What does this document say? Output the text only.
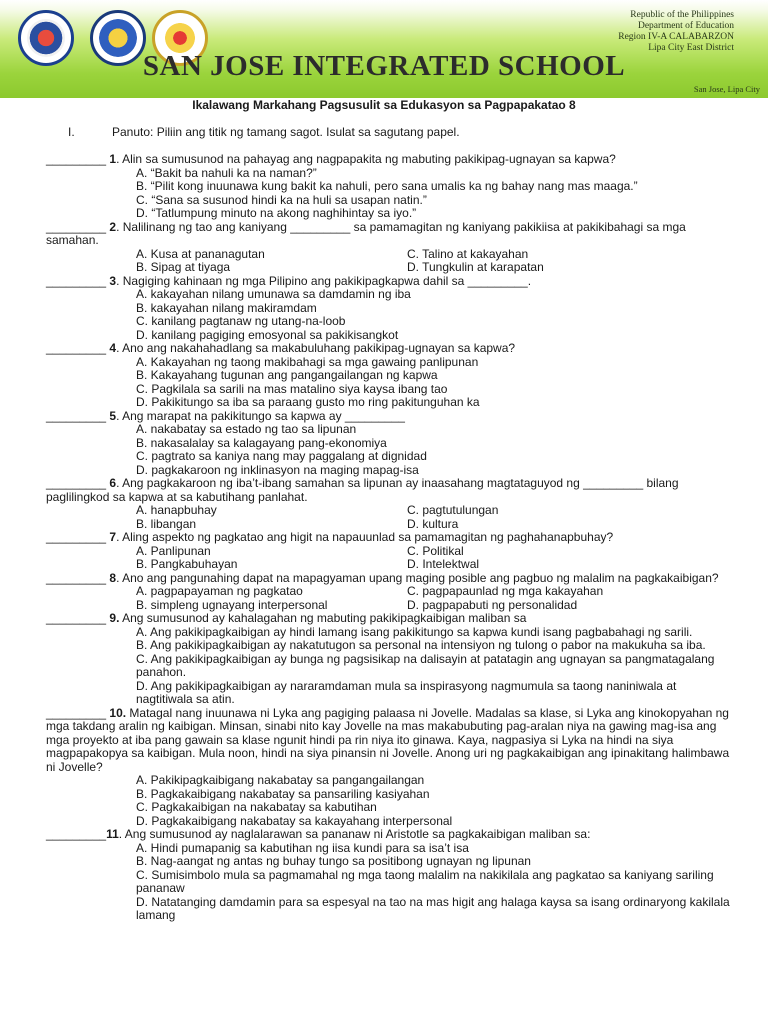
Republic of the Philippines
Department of Education
Region IV-A CALABARZON
Lipa City East District
SAN JOSE INTEGRATED SCHOOL
San Jose, Lipa City
Ikalawang Markahang Pagsusulit sa Edukasyon sa Pagpapakatao 8
I.	Panuto: Piliin ang titik ng tamang sagot. Isulat sa sagutang papel.
_________ 1. Alin sa sumusunod na pahayag ang nagpapakita ng mabuting pakikipag-ugnayan sa kapwa?
A. “Bakit ba nahuli ka na naman?”
B. “Pilit kong inuunawa kung bakit ka nahuli, pero sana umalis ka ng bahay nang mas maaga.”
C. “Sana sa susunod hindi ka na huli sa usapan natin.”
D. “Tatlumpung minuto na akong naghihintay sa iyo.”
_________ 2. Nalilinang ng tao ang kaniyang _________ sa pamamagitan ng kaniyang pakikiisa at pakikibahagi sa mga samahan.
A. Kusa at pananagutan	C. Talino at kakayahan
B. Sipag at tiyaga	D. Tungkulin at karapatan
_________ 3. Nagiging kahinaan ng mga Pilipino ang pakikipagkapwa dahil sa _________.
A. kakayahan nilang umunawa sa damdamin ng iba
B. kakayahan nilang makiramdam
C. kanilang pagtanaw ng utang-na-loob
D. kanilang pagiging emosyonal sa pakikisangkot
_________ 4. Ano ang nakahahadlang sa makabuluhang pakikipag-ugnayan sa kapwa?
A. Kakayahan ng taong makibahagi sa mga gawaing panlipunan
B. Kakayahang tugunan ang pangangailangan ng kapwa
C. Pagkilala sa sarili na mas matalino siya kaysa ibang tao
D. Pakikitungo sa iba sa paraang gusto mo ring pakitunguhan ka
_________ 5. Ang marapat na pakikitungo sa kapwa ay _________
A. nakabatay sa estado ng tao sa lipunan
B. nakasalalay sa kalagayang pang-ekonomiya
C. pagtrato sa kaniya nang may paggalang at dignidad
D. pagkakaroon ng inklinasyon na maging mapag-isa
_________ 6. Ang pagkakaroon ng iba’t-ibang samahan sa lipunan ay inaasahang magtataguyod ng _________ bilang paglilingkod sa kapwa at sa kabutihang panlahat.
A. hanapbuhay	C. pagtutulungan
B. libangan	D. kultura
_________ 7. Aling aspekto ng pagkatao ang higit na napauunlad sa pamamagitan ng paghahanapbuhay?
A. Panlipunan	C. Politikal
B. Pangkabuhayan	D. Intelektwal
_________ 8. Ano ang pangunahing dapat na mapagyaman upang maging posible ang pagbuo ng malalim na pagkakaibigan?
A. pagpapayaman ng pagkatao	C. pagpapaunlad ng mga kakayahan
B. simpleng ugnayang interpersonal	D. pagpapabuti ng personalidad
_________ 9. Ang sumusunod ay kahalagahan ng mabuting pakikipagkaibigan maliban sa
A. Ang pakikipagkaibigan ay hindi lamang isang pakikitungo sa kapwa kundi isang pagbabahagi ng sarili.
B. Ang pakikipagkaibigan ay nakatutugon sa personal na intensiyon ng tulong o pabor na makukuha sa iba.
C. Ang pakikipagkaibigan ay bunga ng pagsisikap na dalisayin at patatagin ang ugnayan sa pangmatagalang panahon.
D. Ang pakikipagkaibigan ay nararamdaman mula sa inspirasyong nagmumula sa taong naniniwala at nagtitiwala sa atin.
_________ 10. Matagal nang inuunawa ni Lyka ang pagiging palaasa ni Jovelle. Madalas sa klase, si Lyka ang kinokopyahan ng mga takdang aralin ng kaibigan. Minsan, sinabi nito kay Jovelle na mas makabubuting pag-aralan niya na gawing mag-isa ang mga proyekto at iba pang gawain sa klase ngunit hindi pa rin niya ito ginawa. Kaya, nagpasiya si Lyka na hindi na siya magpapakopya sa kaibigan. Mula noon, hindi na siya pinansin ni Jovelle. Anong uri ng pagkakaibigan ang ipinakitang halimbawa ni Jovelle?
A. Pakikipagkaibigang nakabatay sa pangangailangan
B. Pagkakaibigang nakabatay sa pansariling kasiyahan
C. Pagkakaibigan na nakabatay sa kabutihan
D. Pagkakaibigang nakabatay sa kakayahang interpersonal
_________11. Ang sumusunod ay naglalarawan sa pananaw ni Aristotle sa pagkakaibigan maliban sa:
A. Hindi pumapanig sa kabutihan ng iisa kundi para sa isa’t isa
B. Nag-aangat ng antas ng buhay tungo sa positibong ugnayan ng lipunan
C. Sumisimbolo mula sa pagmamahal ng mga taong malalim na nakikilala ang pagkatao sa kaniyang sariling pananaw
D. Natatanging damdamin para sa espesyal na tao na mas higit ang halaga kaysa sa isang ordinaryong kakilala lamang
